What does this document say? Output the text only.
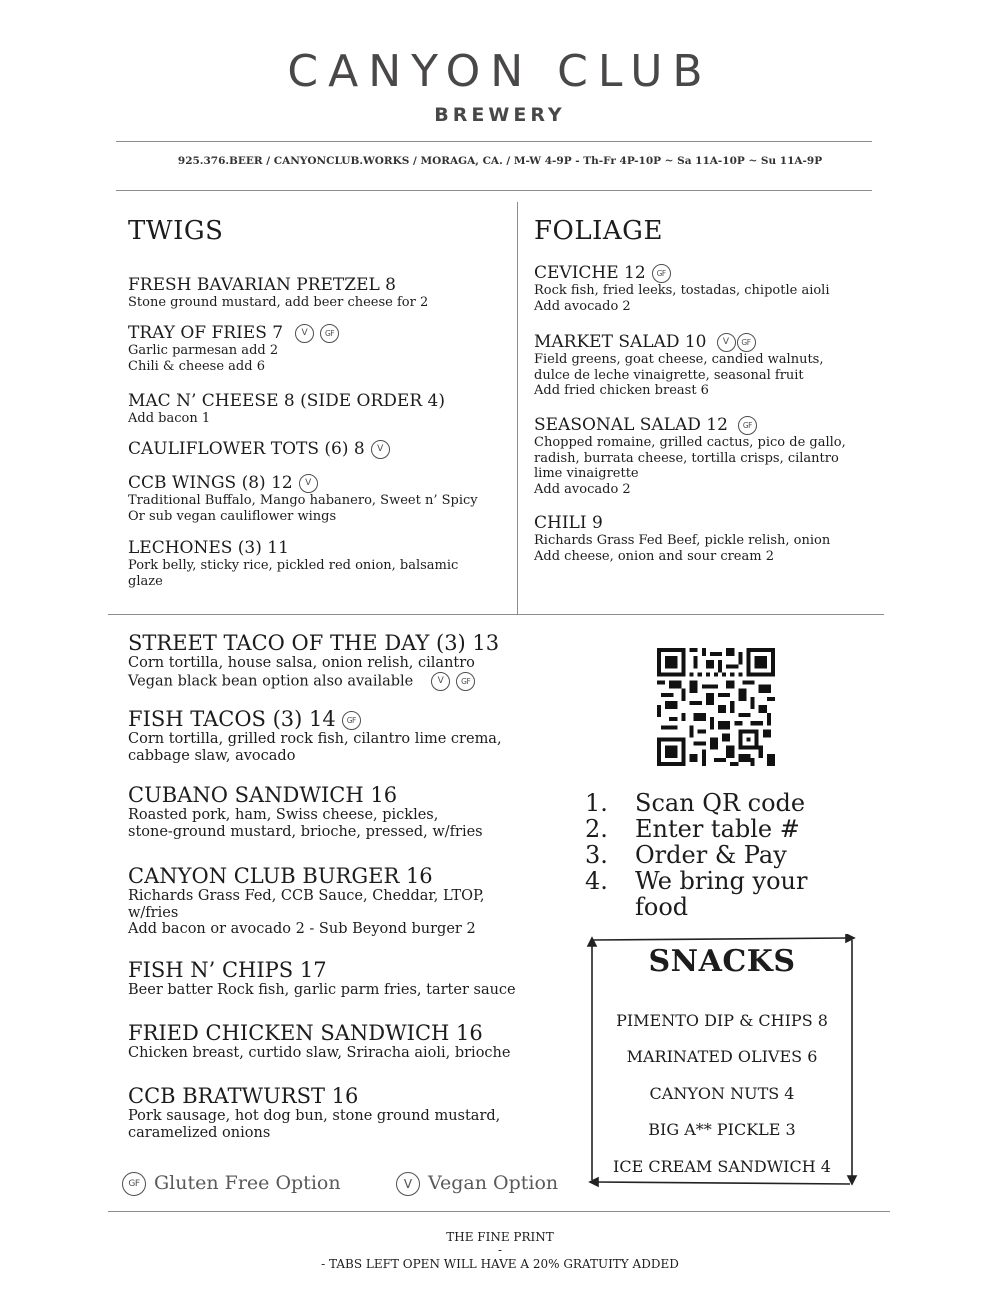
CANYON CLUB
BREWERY
925.376.BEER / CANYONCLUB.WORKS / MORAGA, CA. / M-W 4-9P - Th-Fr 4P-10P ~ Sa 11A-10P ~ Su 11A-9P
TWIGS
FRESH BAVARIAN PRETZEL 8
Stone ground mustard, add beer cheese for 2
TRAY OF FRIES 7 V GF
Garlic parmesan add 2
Chili & cheese add 6
MAC N’ CHEESE 8 (SIDE ORDER 4)
Add bacon 1
CAULIFLOWER TOTS (6) 8 V
CCB WINGS (8) 12 V
Traditional Buffalo, Mango habanero, Sweet n’ Spicy
Or sub vegan cauliflower wings
LECHONES (3) 11
Pork belly, sticky rice, pickled red onion, balsamic
glaze
FOLIAGE
CEVICHE 12 GF
Rock fish, fried leeks, tostadas, chipotle aioli
Add avocado 2
MARKET SALAD 10 V GF
Field greens, goat cheese, candied walnuts,
dulce de leche vinaigrette, seasonal fruit
Add fried chicken breast 6
SEASONAL SALAD 12 GF
Chopped romaine, grilled cactus, pico de gallo,
radish, burrata cheese, tortilla crisps, cilantro
lime vinaigrette
Add avocado 2
CHILI 9
Richards Grass Fed Beef, pickle relish, onion
Add cheese, onion and sour cream 2
STREET TACO OF THE DAY (3) 13
Corn tortilla, house salsa, onion relish, cilantro
Vegan black bean option also available	V GF
FISH TACOS (3) 14 GF
Corn tortilla, grilled rock fish, cilantro lime crema,
cabbage slaw, avocado
CUBANO SANDWICH 16
Roasted pork, ham, Swiss cheese, pickles,
stone-ground mustard, brioche, pressed, w/fries
CANYON CLUB BURGER 16
Richards Grass Fed, CCB Sauce, Cheddar, LTOP,
w/fries
Add bacon or avocado 2 - Sub Beyond burger 2
FISH N’ CHIPS 17
Beer batter Rock fish, garlic parm fries, tarter sauce
FRIED CHICKEN SANDWICH 16
Chicken breast, curtido slaw, Sriracha aioli, brioche
CCB BRATWURST 16
Pork sausage, hot dog bun, stone ground mustard,
caramelized onions
1.	Scan QR code
2.	Enter table #
3.	Order & Pay
4.	We bring your food
SNACKS
PIMENTO DIP & CHIPS 8
MARINATED OLIVES 6
CANYON NUTS 4
BIG A** PICKLE 3
ICE CREAM SANDWICH 4
GF Gluten Free Option	V Vegan Option
THE FINE PRINT
-
- TABS LEFT OPEN WILL HAVE A 20% GRATUITY ADDED
